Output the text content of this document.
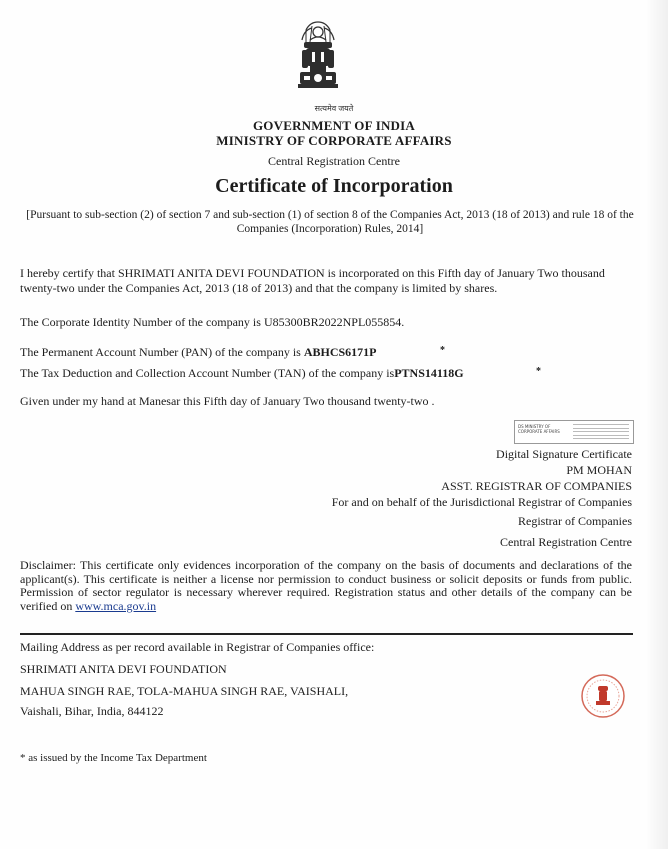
सत्यमेव जयते
GOVERNMENT OF INDIA
MINISTRY OF CORPORATE AFFAIRS
Central Registration Centre
Certificate of Incorporation
[Pursuant to sub-section (2) of section 7 and sub-section (1) of section 8 of the Companies Act, 2013 (18 of 2013) and rule 18 of the Companies (Incorporation) Rules, 2014]
I hereby certify that SHRIMATI ANITA DEVI FOUNDATION is incorporated on this Fifth day of January Two thousand twenty-two under the Companies Act, 2013 (18 of 2013) and that the company is limited by shares.
The Corporate Identity Number of the company is U85300BR2022NPL055854.
The Permanent Account Number (PAN) of the company is ABHCS6171P	*
The Tax Deduction and Collection Account Number (TAN) of the company isPTNS14118G	*
Given under my hand at Manesar this Fifth day of January Two thousand twenty-two .
DS MINISTRY OF
CORPORATE AFFAIRS
Digital Signature Certificate
PM MOHAN
ASST. REGISTRAR OF COMPANIES
For and on behalf of the Jurisdictional Registrar of Companies
Registrar of Companies
Central Registration Centre
Disclaimer: This certificate only evidences incorporation of the company on the basis of documents and declarations of the applicant(s). This certificate is neither a license nor permission to conduct business or solicit deposits or funds from public. Permission of sector regulator is necessary wherever required. Registration status and other details of the company can be verified on www.mca.gov.in
Mailing Address as per record available in Registrar of Companies office:
SHRIMATI ANITA DEVI FOUNDATION
MAHUA SINGH RAE, TOLA-MAHUA SINGH RAE, VAISHALI,
Vaishali, Bihar, India, 844122
* as issued by the Income Tax Department
